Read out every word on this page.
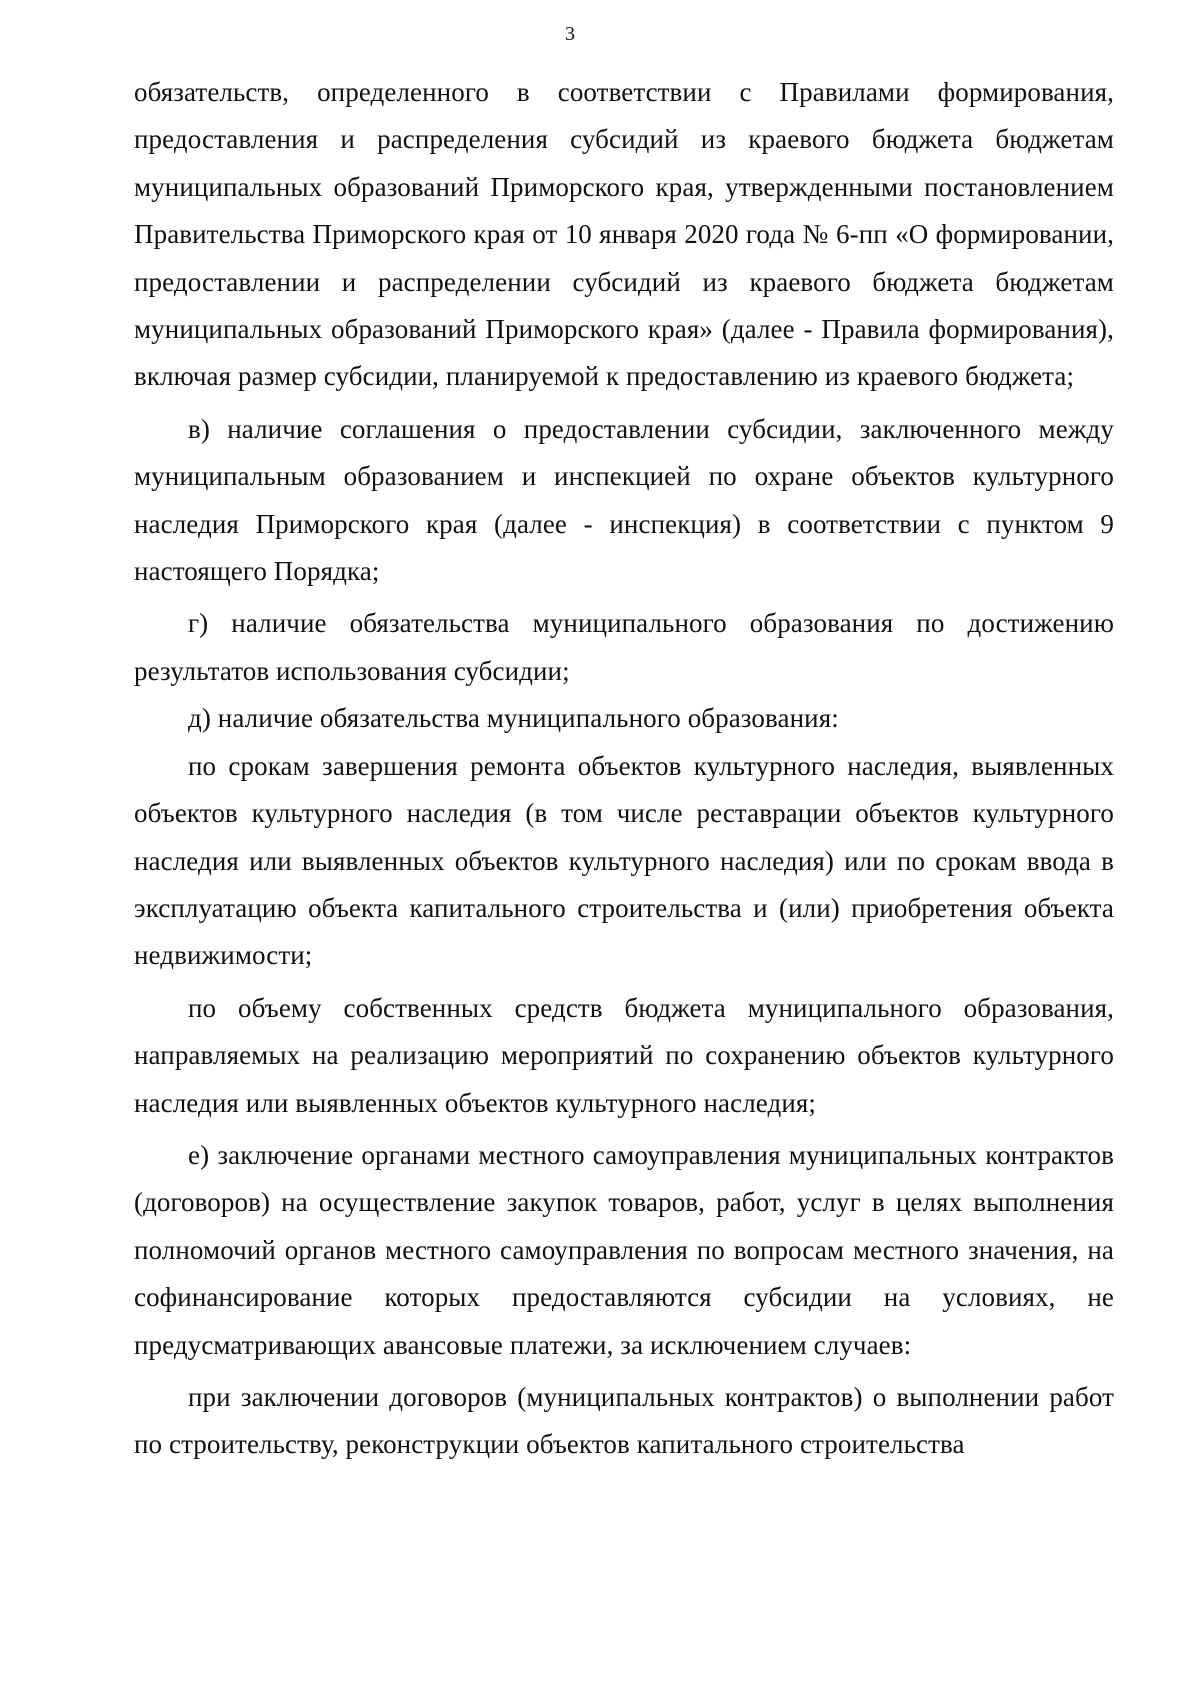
3

обязательств, определенного в соответствии с Правилами формирования, предоставления и распределения субсидий из краевого бюджета бюджетам муниципальных образований Приморского края, утвержденными постановлением Правительства Приморского края от 10 января 2020 года № 6-пп «О формировании, предоставлении и распределении субсидий из краевого бюджета бюджетам муниципальных образований Приморского края» (далее - Правила формирования), включая размер субсидии, планируемой к предоставлению из краевого бюджета;

в) наличие соглашения о предоставлении субсидии, заключенного между муниципальным образованием и инспекцией по охране объектов культурного наследия Приморского края (далее - инспекция) в соответствии с пунктом 9 настоящего Порядка;

г) наличие обязательства муниципального образования по достижению результатов использования субсидии;

д) наличие обязательства муниципального образования:

по срокам завершения ремонта объектов культурного наследия, выявленных объектов культурного наследия (в том числе реставрации объектов культурного наследия или выявленных объектов культурного наследия) или по срокам ввода в эксплуатацию объекта капитального строительства и (или) приобретения объекта недвижимости;

по объему собственных средств бюджета муниципального образования, направляемых на реализацию мероприятий по сохранению объектов культурного наследия или выявленных объектов культурного наследия;

е) заключение органами местного самоуправления муниципальных контрактов (договоров) на осуществление закупок товаров, работ, услуг в целях выполнения полномочий органов местного самоуправления по вопросам местного значения, на софинансирование которых предоставляются субсидии на условиях, не предусматривающих авансовые платежи, за исключением случаев:

при заключении договоров (муниципальных контрактов) о выполнении работ по строительству, реконструкции объектов капитального строительства
